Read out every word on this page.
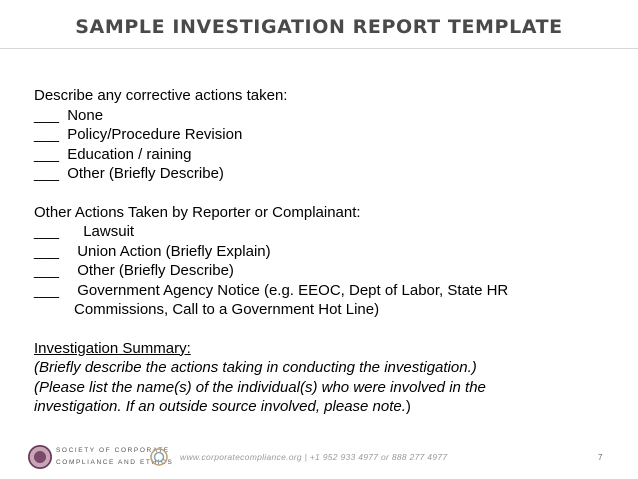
SAMPLE INVESTIGATION REPORT TEMPLATE
Describe any corrective actions taken:
___ None
___ Policy/Procedure Revision
___ Education / raining
___ Other (Briefly Describe)
Other Actions Taken by Reporter or Complainant:
___ Lawsuit
___ Union Action (Briefly Explain)
___ Other (Briefly Describe)
___ Government Agency Notice (e.g. EEOC, Dept of Labor, State HR
Commissions, Call to a Government Hot Line)
Investigation Summary:
(Briefly describe the actions taking in conducting the investigation.)
(Please list the name(s) of the individual(s) who were involved in the
investigation. If an outside source involved, please note.)
SOCIETY OF CORPORATE
COMPLIANCE AND ETHICS
www.corporatecompliance.org | +1 952 933 4977 or 888 277 4977	7
